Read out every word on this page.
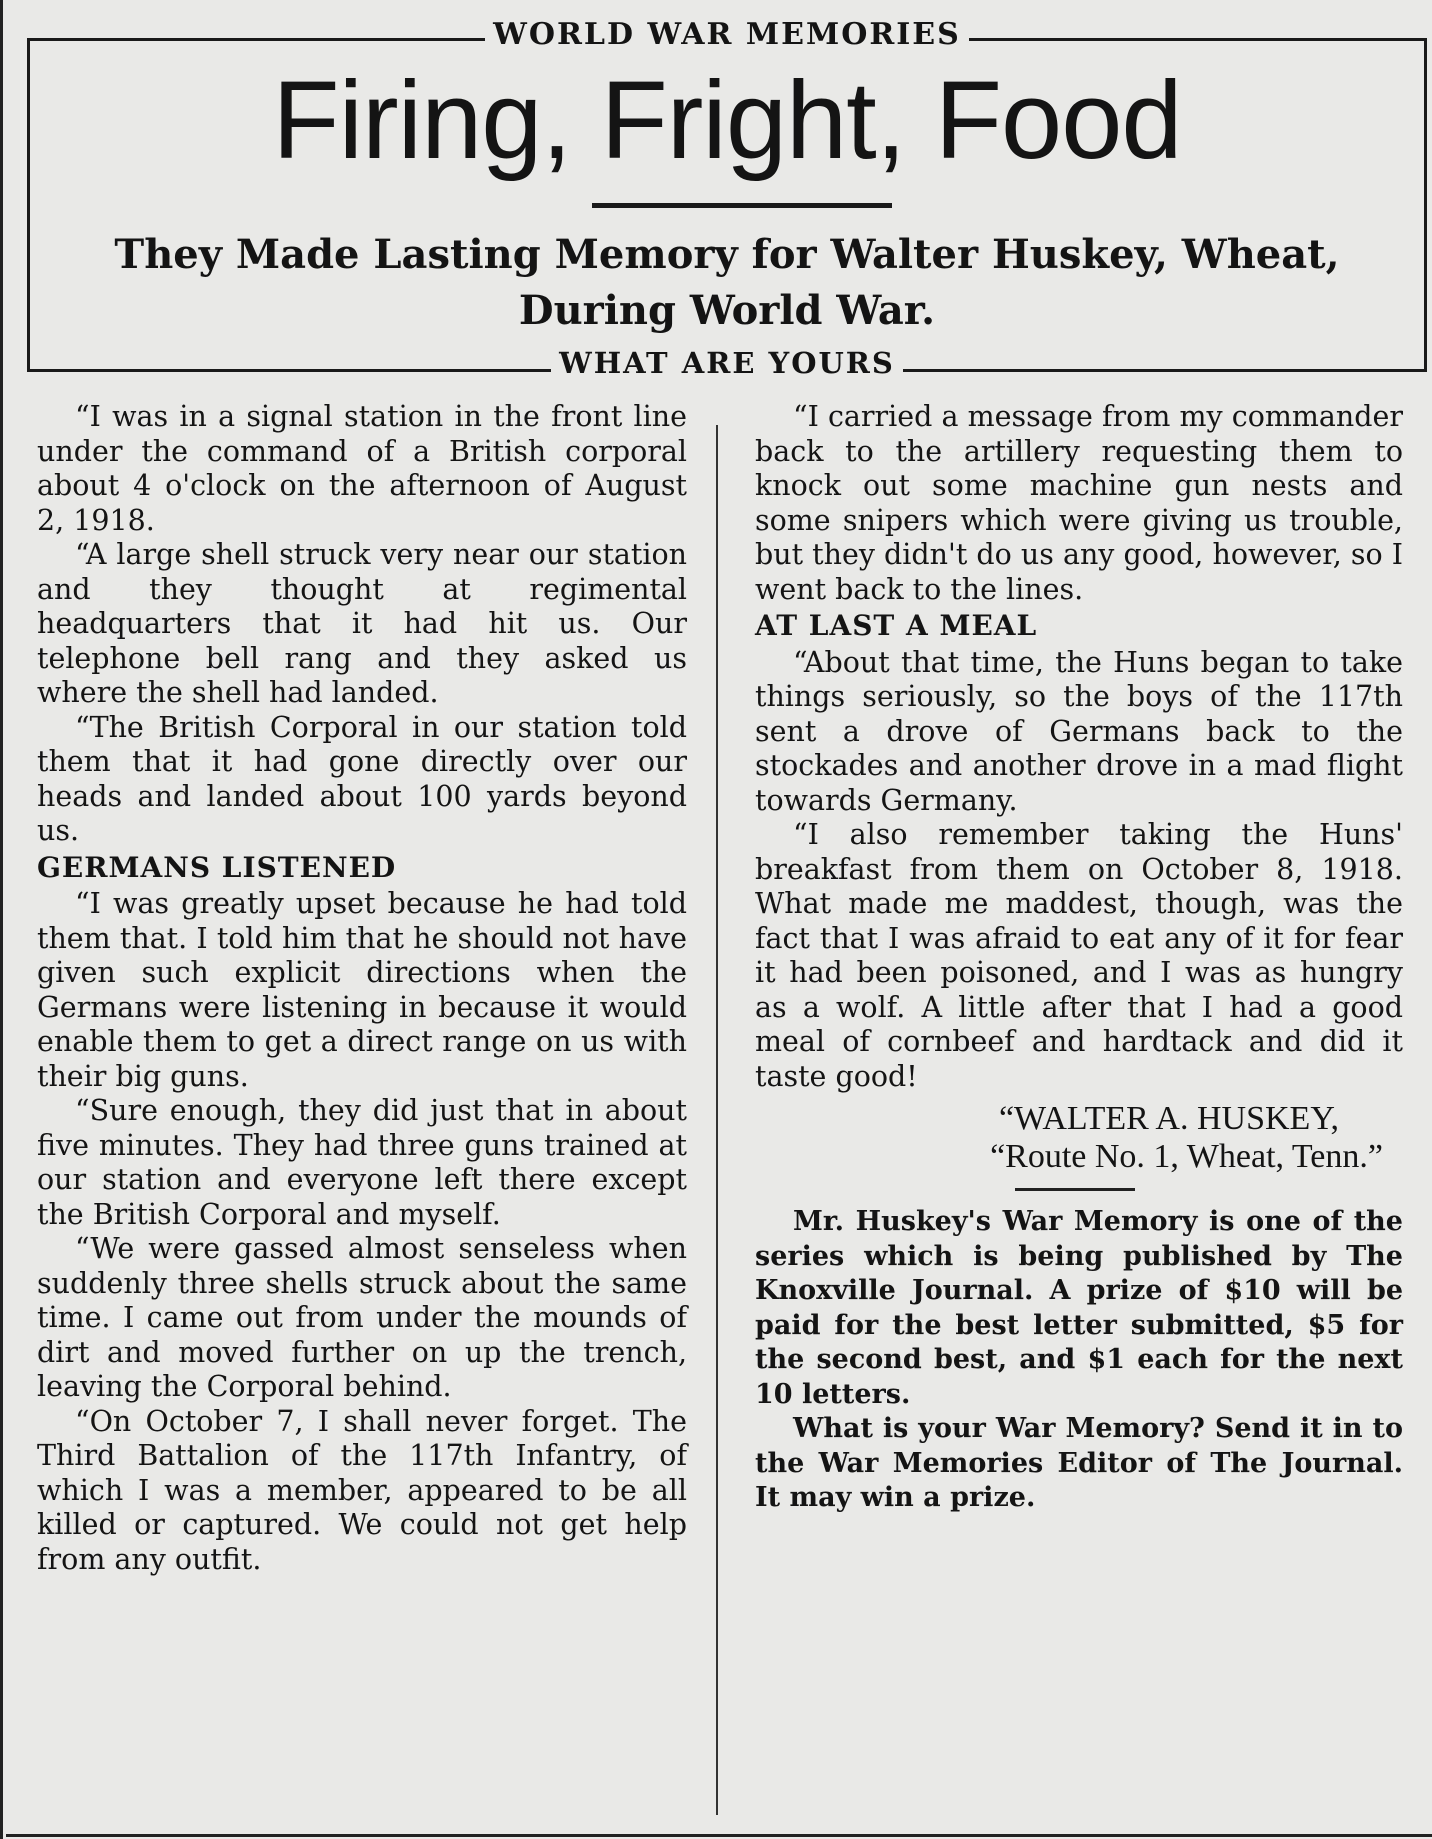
WORLD WAR MEMORIES
Firing, Fright, Food
They Made Lasting Memory for Walter Huskey, Wheat,
During World War.
WHAT ARE YOURS

“I was in a signal station in the front line under the command of a British corporal about 4 o'clock on the afternoon of August 2, 1918.

“A large shell struck very near our station and they thought at regimental headquarters that it had hit us. Our telephone bell rang and they asked us where the shell had landed.

“The British Corporal in our station told them that it had gone directly over our heads and landed about 100 yards beyond us.

GERMANS LISTENED

“I was greatly upset because he had told them that. I told him that he should not have given such explicit directions when the Germans were listening in because it would enable them to get a direct range on us with their big guns.

“Sure enough, they did just that in about five minutes. They had three guns trained at our station and everyone left there except the British Corporal and myself.

“We were gassed almost senseless when suddenly three shells struck about the same time. I came out from under the mounds of dirt and moved further on up the trench, leaving the Corporal behind.

“On October 7, I shall never forget. The Third Battalion of the 117th Infantry, of which I was a member, appeared to be all killed or captured. We could not get help from any outfit.

“I carried a message from my commander back to the artillery requesting them to knock out some machine gun nests and some snipers which were giving us trouble, but they didn't do us any good, however, so I went back to the lines.

AT LAST A MEAL

“About that time, the Huns began to take things seriously, so the boys of the 117th sent a drove of Germans back to the stockades and another drove in a mad flight towards Germany.

“I also remember taking the Huns' breakfast from them on October 8, 1918. What made me maddest, though, was the fact that I was afraid to eat any of it for fear it had been poisoned, and I was as hungry as a wolf. A little after that I had a good meal of cornbeef and hardtack and did it taste good!

“WALTER A. HUSKEY,
“Route No. 1, Wheat, Tenn.”

Mr. Huskey's War Memory is one of the series which is being published by The Knoxville Journal. A prize of $10 will be paid for the best letter submitted, $5 for the second best, and $1 each for the next 10 letters.

What is your War Memory? Send it in to the War Memories Editor of The Journal. It may win a prize.
